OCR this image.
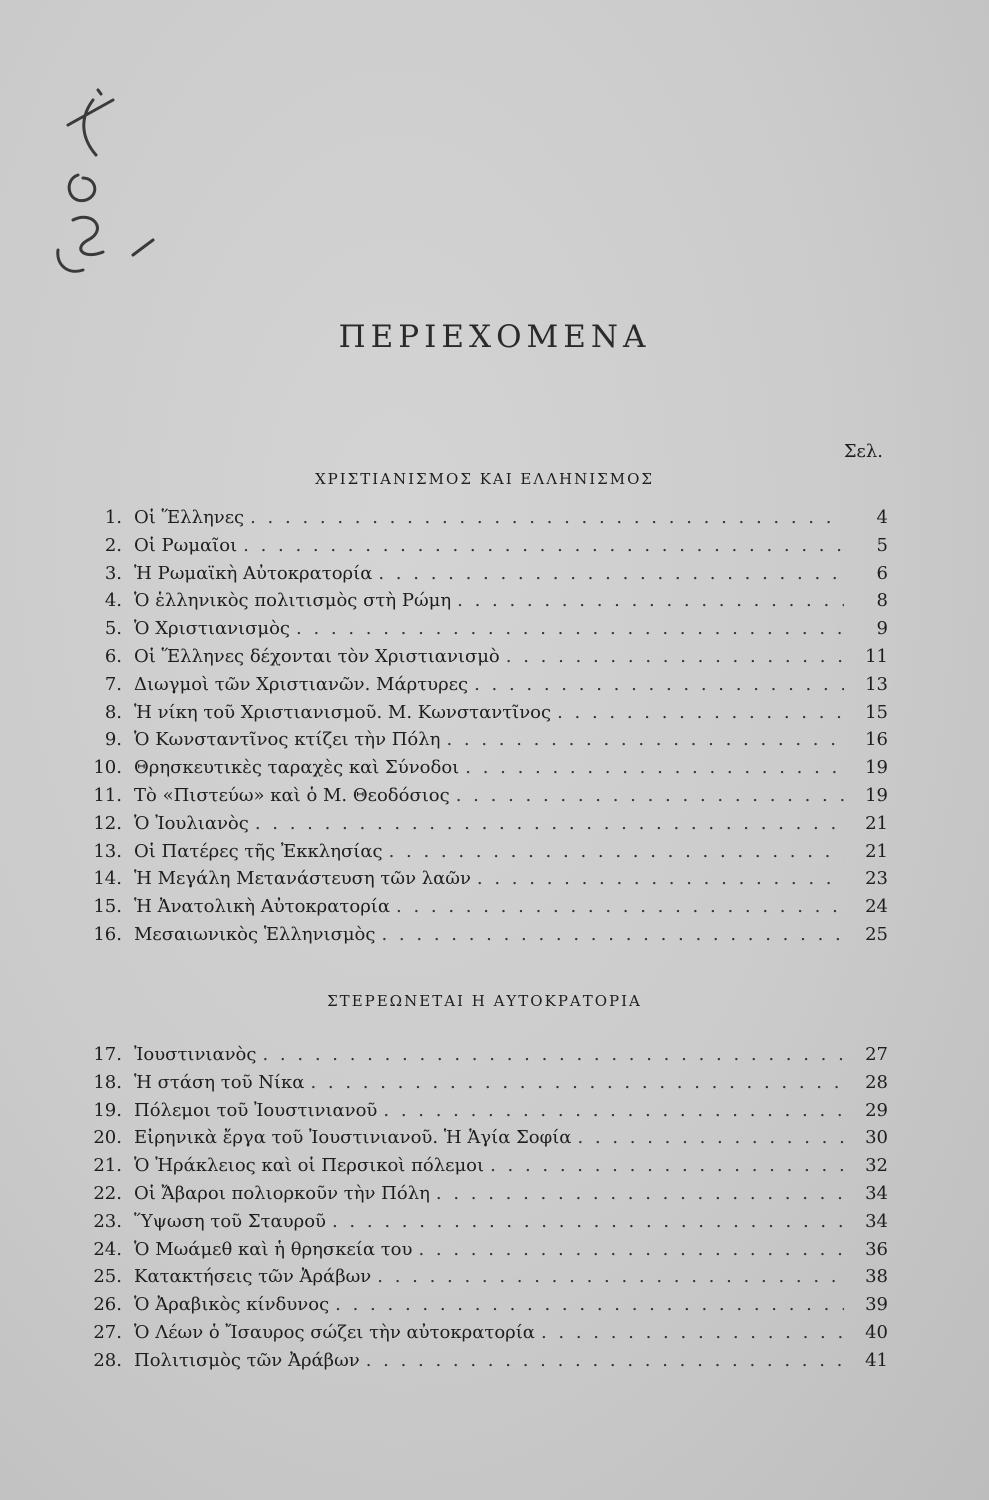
ΠΕΡΙΕΧΟΜΕΝΑ
Σελ.
ΧΡΙΣΤΙΑΝΙΣΜΟΣ ΚΑΙ ΕΛΛΗΝΙΣΜΟΣ
1. Οἱ Ἕλληνες . . .	4
2. Οἱ Ρωμαῖοι . . .	5
3. Ἡ Ρωμαϊκὴ Αὐτοκρατορία . . .	6
4. Ὁ ἑλληνικὸς πολιτισμὸς στὴ Ρώμη . . .	8
5. Ὁ Χριστιανισμὸς . . .	9
6. Οἱ Ἕλληνες δέχονται τὸν Χριστιανισμὸ . . .	11
7. Διωγμοὶ τῶν Χριστιανῶν. Μάρτυρες . . .	13
8. Ἡ νίκη τοῦ Χριστιανισμοῦ. Μ. Κωνσταντῖνος . . .	15
9. Ὁ Κωνσταντῖνος κτίζει τὴν Πόλη . . .	16
10. Θρησκευτικὲς ταραχὲς καὶ Σύνοδοι . . .	19
11. Τὸ «Πιστεύω» καὶ ὁ Μ. Θεοδόσιος . . .	19
12. Ὁ Ἰουλιανὸς . . .	21
13. Οἱ Πατέρες τῆς Ἐκκλησίας . . .	21
14. Ἡ Μεγάλη Μετανάστευση τῶν λαῶν . . .	23
15. Ἡ Ἀνατολικὴ Αὐτοκρατορία . . .	24
16. Μεσαιωνικὸς Ἑλληνισμὸς . . .	25
ΣΤΕΡΕΩΝΕΤΑΙ Η ΑΥΤΟΚΡΑΤΟΡΙΑ
17. Ἰουστινιανὸς . . .	27
18. Ἡ στάση τοῦ Νίκα . . .	28
19. Πόλεμοι τοῦ Ἰουστινιανοῦ . . .	29
20. Εἰρηνικὰ ἔργα τοῦ Ἰουστινιανοῦ. Ἡ Ἁγία Σοφία . . .	30
21. Ὁ Ἡράκλειος καὶ οἱ Περσικοὶ πόλεμοι . . .	32
22. Οἱ Ἄβαροι πολιορκοῦν τὴν Πόλη . . .	34
23. Ὕψωση τοῦ Σταυροῦ . . .	34
24. Ὁ Μωάμεθ καὶ ἡ θρησκεία του . . .	36
25. Κατακτήσεις τῶν Ἀράβων . . .	38
26. Ὁ Ἀραβικὸς κίνδυνος . . .	39
27. Ὁ Λέων ὁ Ἴσαυρος σώζει τὴν αὐτοκρατορία . . .	40
28. Πολιτισμὸς τῶν Ἀράβων . . .	41
